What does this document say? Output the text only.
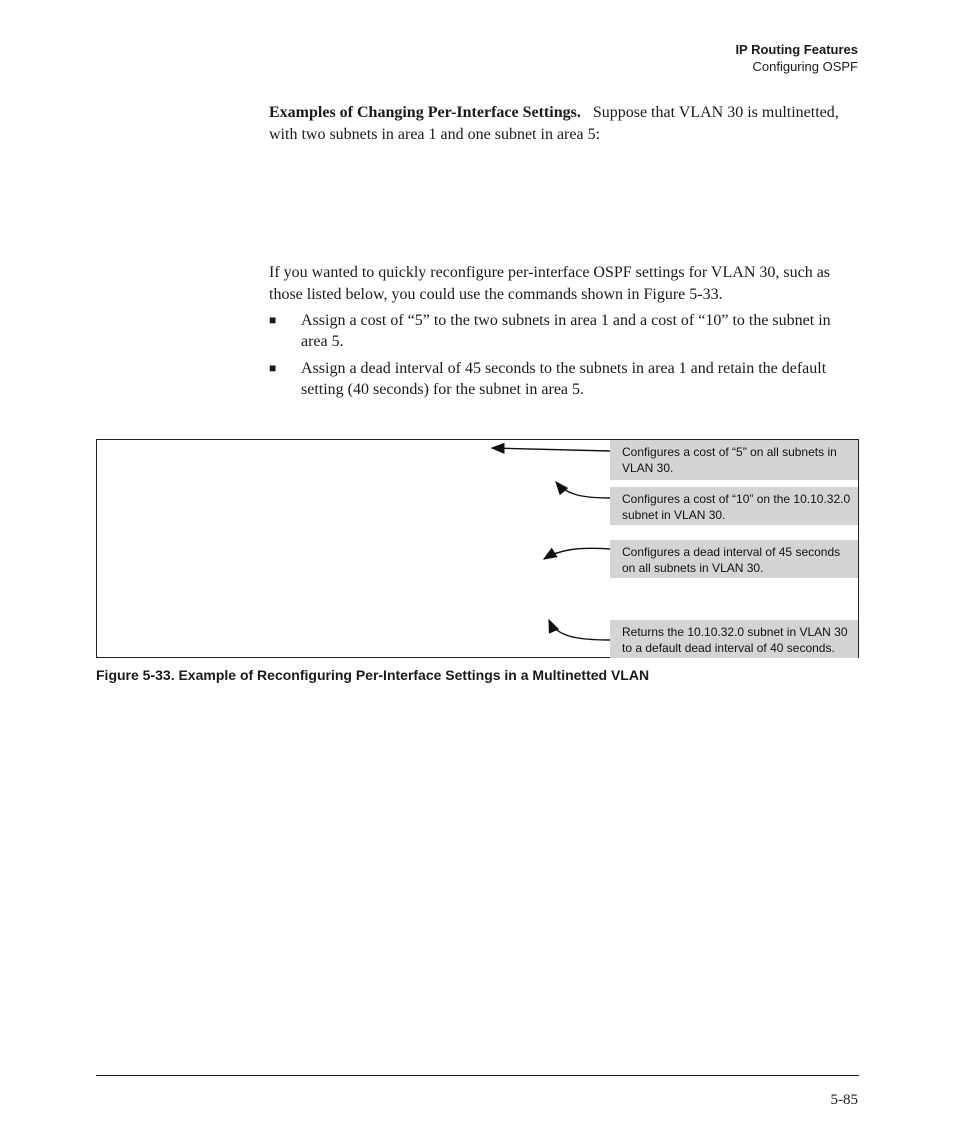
IP Routing Features
Configuring OSPF
Examples of Changing Per-Interface Settings. Suppose that VLAN 30 is multinetted, with two subnets in area 1 and one subnet in area 5:
If you wanted to quickly reconfigure per-interface OSPF settings for VLAN 30, such as those listed below, you could use the commands shown in Figure 5-33.
■	Assign a cost of “5” to the two subnets in area 1 and a cost of “10” to the subnet in area 5.
■	Assign a dead interval of 45 seconds to the subnets in area 1 and retain the default setting (40 seconds) for the subnet in area 5.
Configures a cost of “5” on all subnets in VLAN 30.
Configures a cost of “10” on the 10.10.32.0 subnet in VLAN 30.
Configures a dead interval of 45 seconds on all subnets in VLAN 30.
Returns the 10.10.32.0 subnet in VLAN 30 to a default dead interval of 40 seconds.
Figure 5-33. Example of Reconfiguring Per-Interface Settings in a Multinetted VLAN
5-85
